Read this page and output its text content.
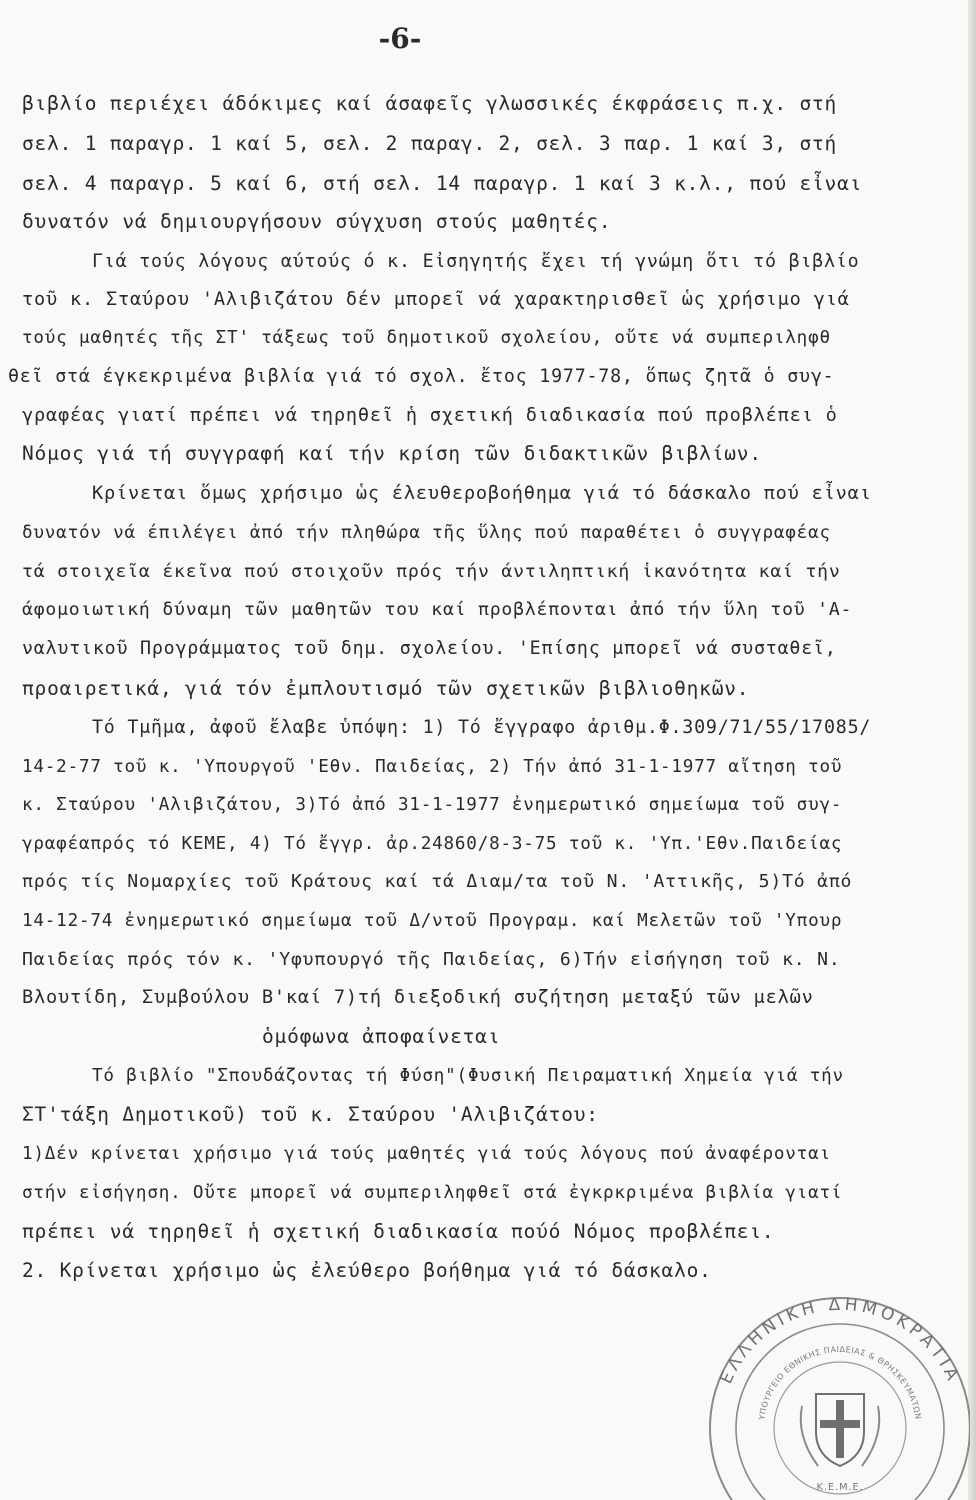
-6-
βιβλίο περιέχει άδόκιμες καί άσαφεῖς γλωσσικές έκφράσεις π.χ. στή
σελ. 1 παραγρ. 1 καί 5, σελ. 2 παραγ. 2, σελ. 3 παρ. 1 καί 3, στή
σελ. 4 παραγρ. 5 καί 6, στή σελ. 14 παραγρ. 1 καί 3 κ.λ., πού εἶναι
δυνατόν νά δημιουργήσουν σύγχυση στούς μαθητές.
Γιά τούς λόγους αύτούς ό κ. Εἰσηγητής ἔχει τή γνώμη ὅτι τό βιβλίο
τοῦ κ. Σταύρου 'Αλιβιζάτου δέν μπορεῖ νά χαρακτηρισθεῖ ὡς χρήσιμο γιά
τούς μαθητές τῆς ΣΤ' τάξεως τοῦ δημοτικοῦ σχολείου, οὔτε νά συμπεριληφθ
θεῖ στά έγκεκριμένα βιβλία γιά τό σχολ. ἔτος 1977-78, ὅπως ζητᾶ ὁ συγ-
γραφέας γιατί πρέπει νά τηρηθεῖ ἡ σχετική διαδικασία πού προβλέπει ὁ
Νόμος γιά τή συγγραφή καί τήν κρίση τῶν διδακτικῶν βιβλίων.
Κρίνεται ὅμως χρήσιμο ὡς έλευθεροβοήθημα γιά τό δάσκαλο πού εἶναι
δυνατόν νά έπιλέγει ἀπό τήν πληθώρα τῆς ὕλης πού παραθέτει ὁ συγγραφέας
τά στοιχεῖα έκεῖνα πού στοιχοῦν πρός τήν άντιληπτική ἱκανότητα καί τήν
άφομοιωτική δύναμη τῶν μαθητῶν του καί προβλέπονται ἀπό τήν ὕλη τοῦ 'Α-
ναλυτικοῦ Προγράμματος τοῦ δημ. σχολείου. 'Επίσης μπορεῖ νά συσταθεῖ,
προαιρετικά, γιά τόν ἐμπλουτισμό τῶν σχετικῶν βιβλιοθηκῶν.
Τό Τμῆμα, ἀφοῦ ἔλαβε ὑπόψη: 1) Τό ἔγγραφο ἀριθμ.Φ.309/71/55/17085/
14-2-77 τοῦ κ. 'Υπουργοῦ 'Εθν. Παιδείας, 2) Τήν ἀπό 31-1-1977 αἴτηση τοῦ
κ. Σταύρου 'Αλιβιζάτου, 3)Τό ἀπό 31-1-1977 ἐνημερωτικό σημείωμα τοῦ συγ-
γραφέαπρός τό ΚΕΜΕ, 4) Τό ἔγγρ. ἀρ.24860/8-3-75 τοῦ κ. 'Υπ.'Εθν.Παιδείας
πρός τίς Νομαρχίες τοῦ Κράτους καί τά Διαμ/τα τοῦ Ν. 'Αττικῆς, 5)Τό ἀπό
14-12-74 ἐνημερωτικό σημείωμα τοῦ Δ/ντοῦ Προγραμ. καί Μελετῶν τοῦ 'Υπουρ
Παιδείας πρός τόν κ. 'Υφυπουργό τῆς Παιδείας, 6)Τήν εἰσήγηση τοῦ κ. Ν.
Βλουτίδη, Συμβούλου Β'καί 7)τή διεξοδική συζήτηση μεταξύ τῶν μελῶν
ὁμόφωνα ἀποφαίνεται
Τό βιβλίο "Σπουδάζοντας τή Φύση"(Φυσική Πειραματική Χημεία γιά τήν
ΣΤ'τάξη Δημοτικοῦ) τοῦ κ. Σταύρου 'Αλιβιζάτου:
1)Δέν κρίνεται χρήσιμο γιά τούς μαθητές γιά τούς λόγους πού ἀναφέρονται
στήν εἰσήγηση. Οὔτε μπορεῖ νά συμπεριληφθεῖ στά ἐγκρκριμένα βιβλία γιατί
πρέπει νά τηρηθεῖ ἡ σχετική διαδικασία πούό Νόμος προβλέπει.
2. Κρίνεται χρήσιμο ὡς ἐλεύθερο βοήθημα γιά τό δάσκαλο.
ΕΛΛΗΝΙΚΗ ΔΗΜΟΚΡΑΤΙΑ
ΥΠΟΥΡΓΕΙΟ ΕΘΝΙΚΗΣ ΠΑΙΔΕΙΑΣ & ΘΡΗΣΚΕΥΜΑΤΩΝ
Κ.Ε.Μ.Ε.
